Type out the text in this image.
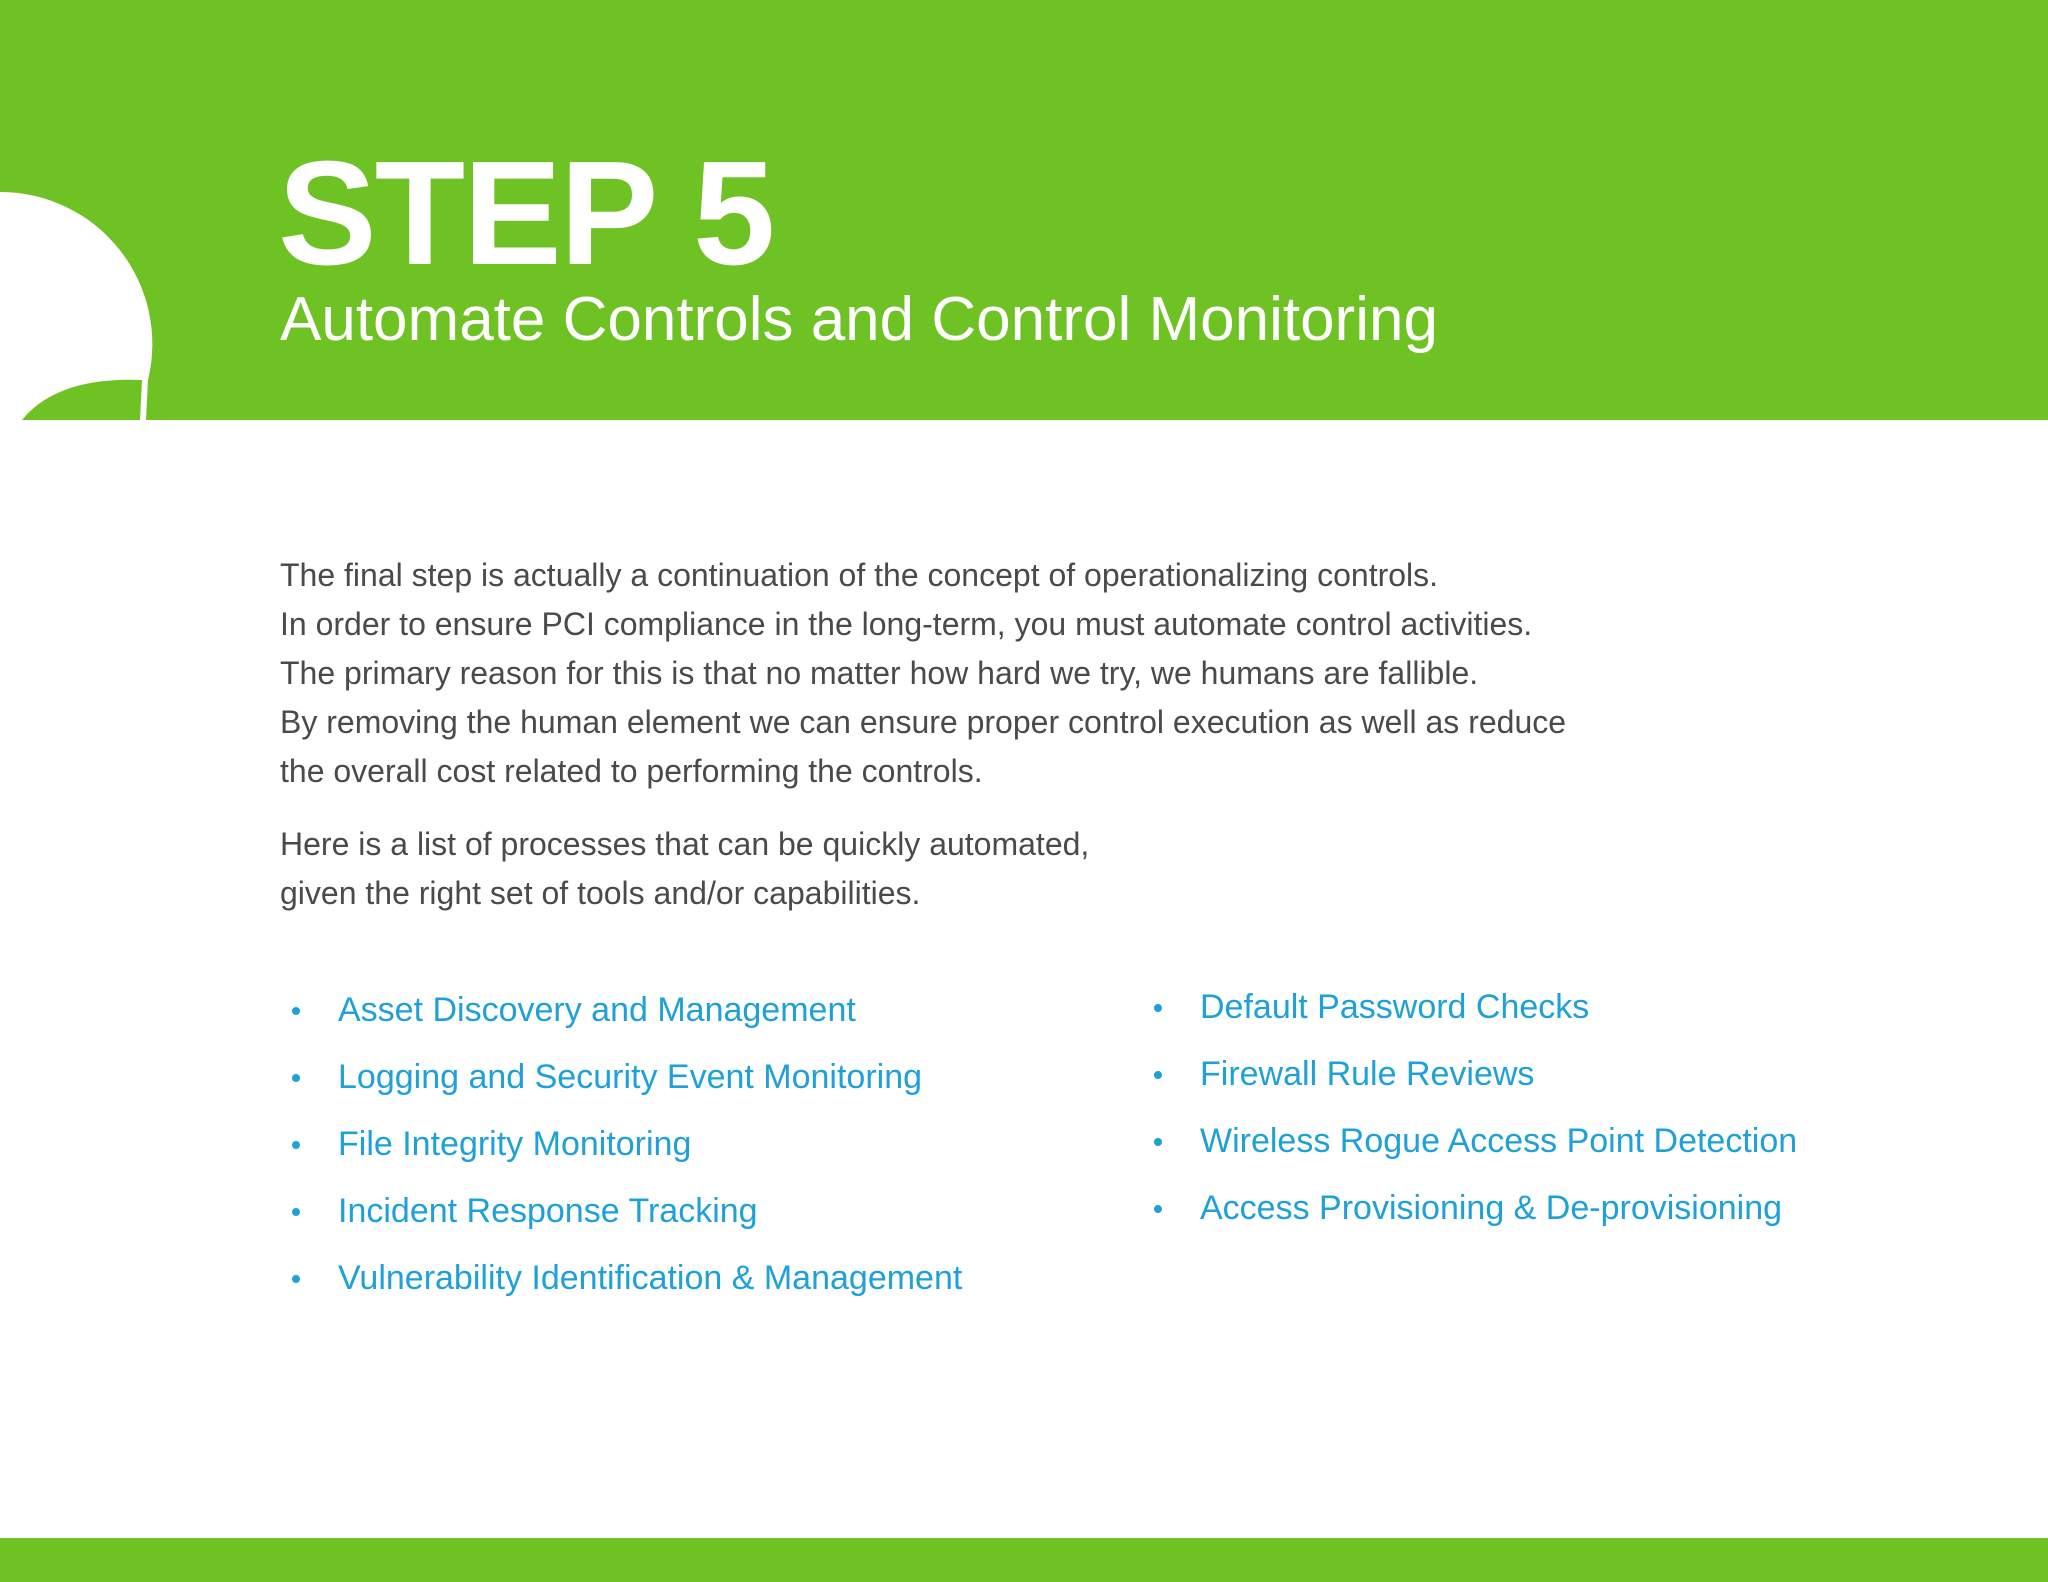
STEP 5
Automate Controls and Control Monitoring
The final step is actually a continuation of the concept of operationalizing controls.
In order to ensure PCI compliance in the long-term, you must automate control activities.
The primary reason for this is that no matter how hard we try, we humans are fallible.
By removing the human element we can ensure proper control execution as well as reduce
the overall cost related to performing the controls.
Here is a list of processes that can be quickly automated,
given the right set of tools and/or capabilities.
Asset Discovery and Management
Logging and Security Event Monitoring
File Integrity Monitoring
Incident Response Tracking
Vulnerability Identification & Management
Default Password Checks
Firewall Rule Reviews
Wireless Rogue Access Point Detection
Access Provisioning & De-provisioning
